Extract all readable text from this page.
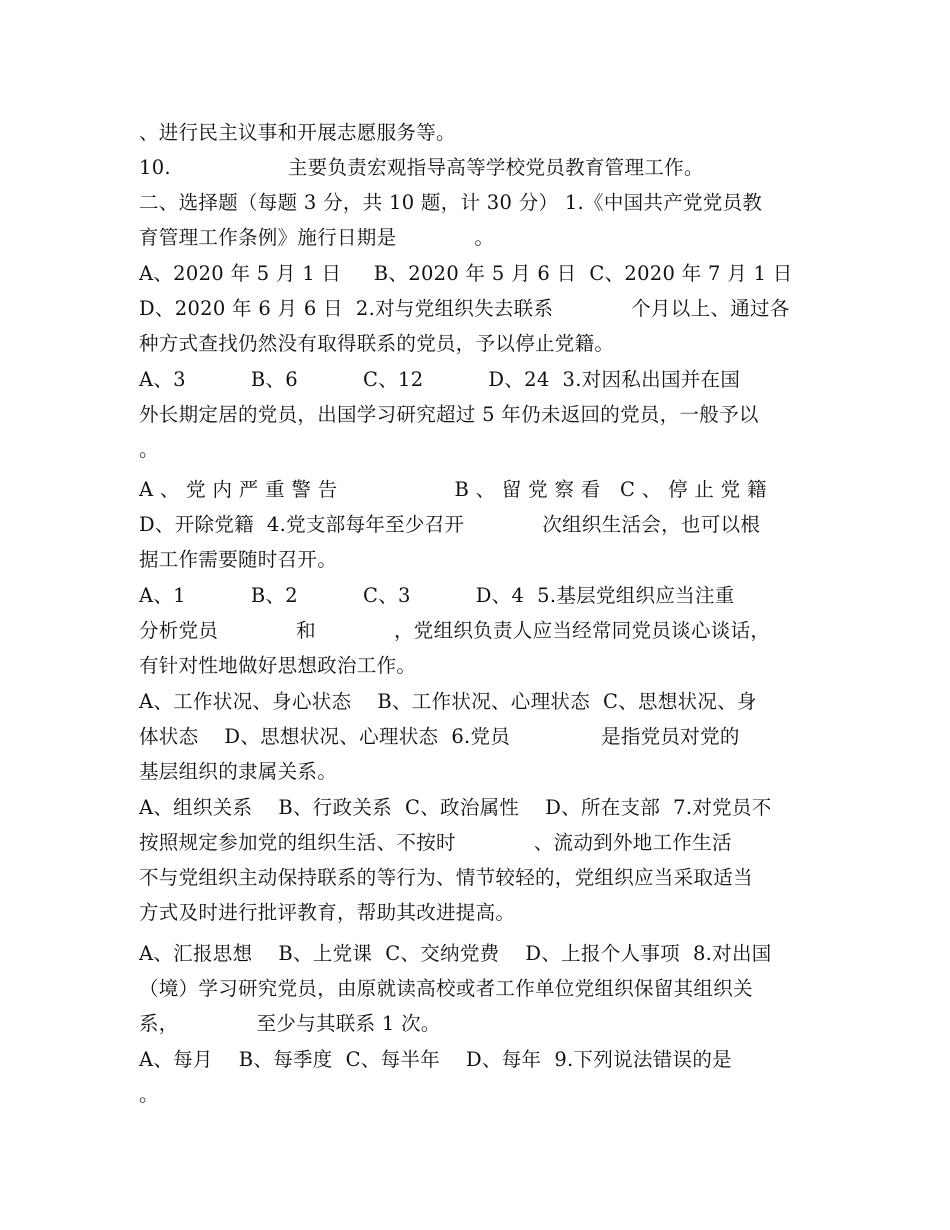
、进行民主议事和开展志愿服务等。
10.                  主要负责宏观指导高等学校党员教育管理工作。
二、选择题（每题 3 分，共 10 题，计 30 分） 1.《中国共产党党员教
育管理工作条例》施行日期是            。
A、2020 年 5 月 1 日     B、2020 年 5 月 6 日  C、2020 年 7 月 1 日
D、2020 年 6 月 6 日  2.对与党组织失去联系            个月以上、通过各
种方式查找仍然没有取得联系的党员，予以停止党籍。
A、3          B、6          C、12          D、24  3.对因私出国并在国
外长期定居的党员，出国学习研究超过 5 年仍未返回的党员，一般予以
。
A 、 党 内 严 重 警 告                  B 、 留 党 察 看   C 、 停 止 党 籍
D、开除党籍  4.党支部每年至少召开            次组织生活会，也可以根
据工作需要随时召开。
A、1          B、2          C、3          D、4  5.基层党组织应当注重
分析党员            和            ，党组织负责人应当经常同党员谈心谈话，
有针对性地做好思想政治工作。
A、工作状况、身心状态    B、工作状况、心理状态  C、思想状况、身
体状态    D、思想状况、心理状态  6.党员              是指党员对党的
基层组织的隶属关系。
A、组织关系    B、行政关系  C、政治属性    D、所在支部  7.对党员不
按照规定参加党的组织生活、不按时            、流动到外地工作生活
不与党组织主动保持联系的等行为、情节较轻的，党组织应当采取适当
方式及时进行批评教育，帮助其改进提高。
A、汇报思想    B、上党课  C、交纳党费    D、上报个人事项  8.对出国
（境）学习研究党员，由原就读高校或者工作单位党组织保留其组织关
系，            至少与其联系 1 次。
A、每月    B、每季度  C、每半年    D、每年  9.下列说法错误的是
。
